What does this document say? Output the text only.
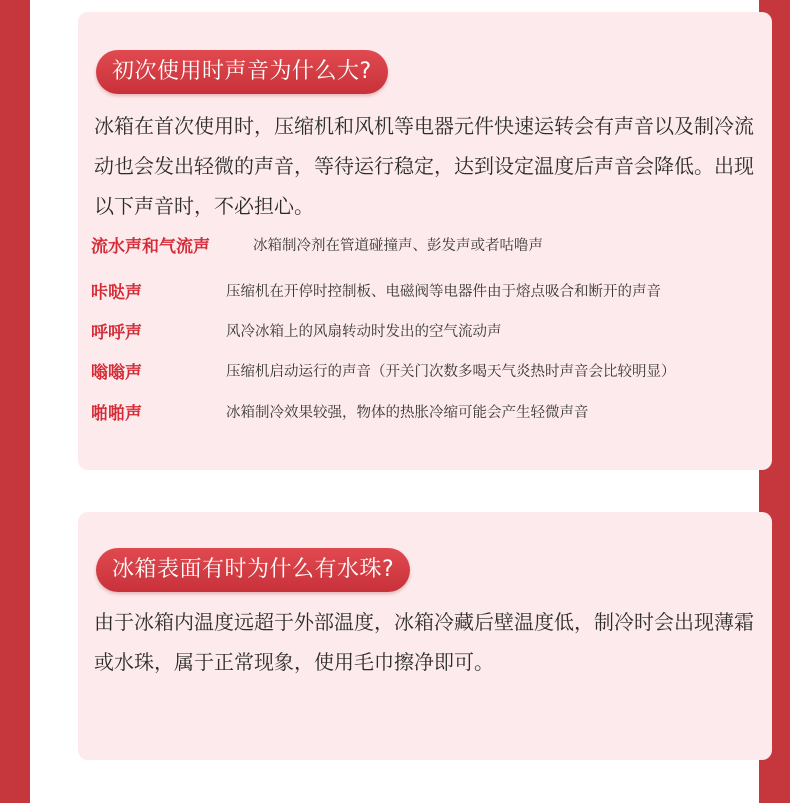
初次使用时声音为什么大?

冰箱在首次使用时，压缩机和风机等电器元件快速运转会有声音以及制冷流动也会发出轻微的声音，等待运行稳定，达到设定温度后声音会降低。出现以下声音时，不必担心。

流水声和气流声	冰箱制冷剂在管道碰撞声、彭发声或者咕噜声
咔哒声	压缩机在开停时控制板、电磁阀等电器件由于熔点吸合和断开的声音
呼呼声	风冷冰箱上的风扇转动时发出的空气流动声
嗡嗡声	压缩机启动运行的声音（开关门次数多喝天气炎热时声音会比较明显）
啪啪声	冰箱制冷效果较强，物体的热胀冷缩可能会产生轻微声音
冰箱表面有时为什么有水珠?

由于冰箱内温度远超于外部温度，冰箱冷藏后壁温度低，制冷时会出现薄霜或水珠，属于正常现象，使用毛巾擦净即可。
